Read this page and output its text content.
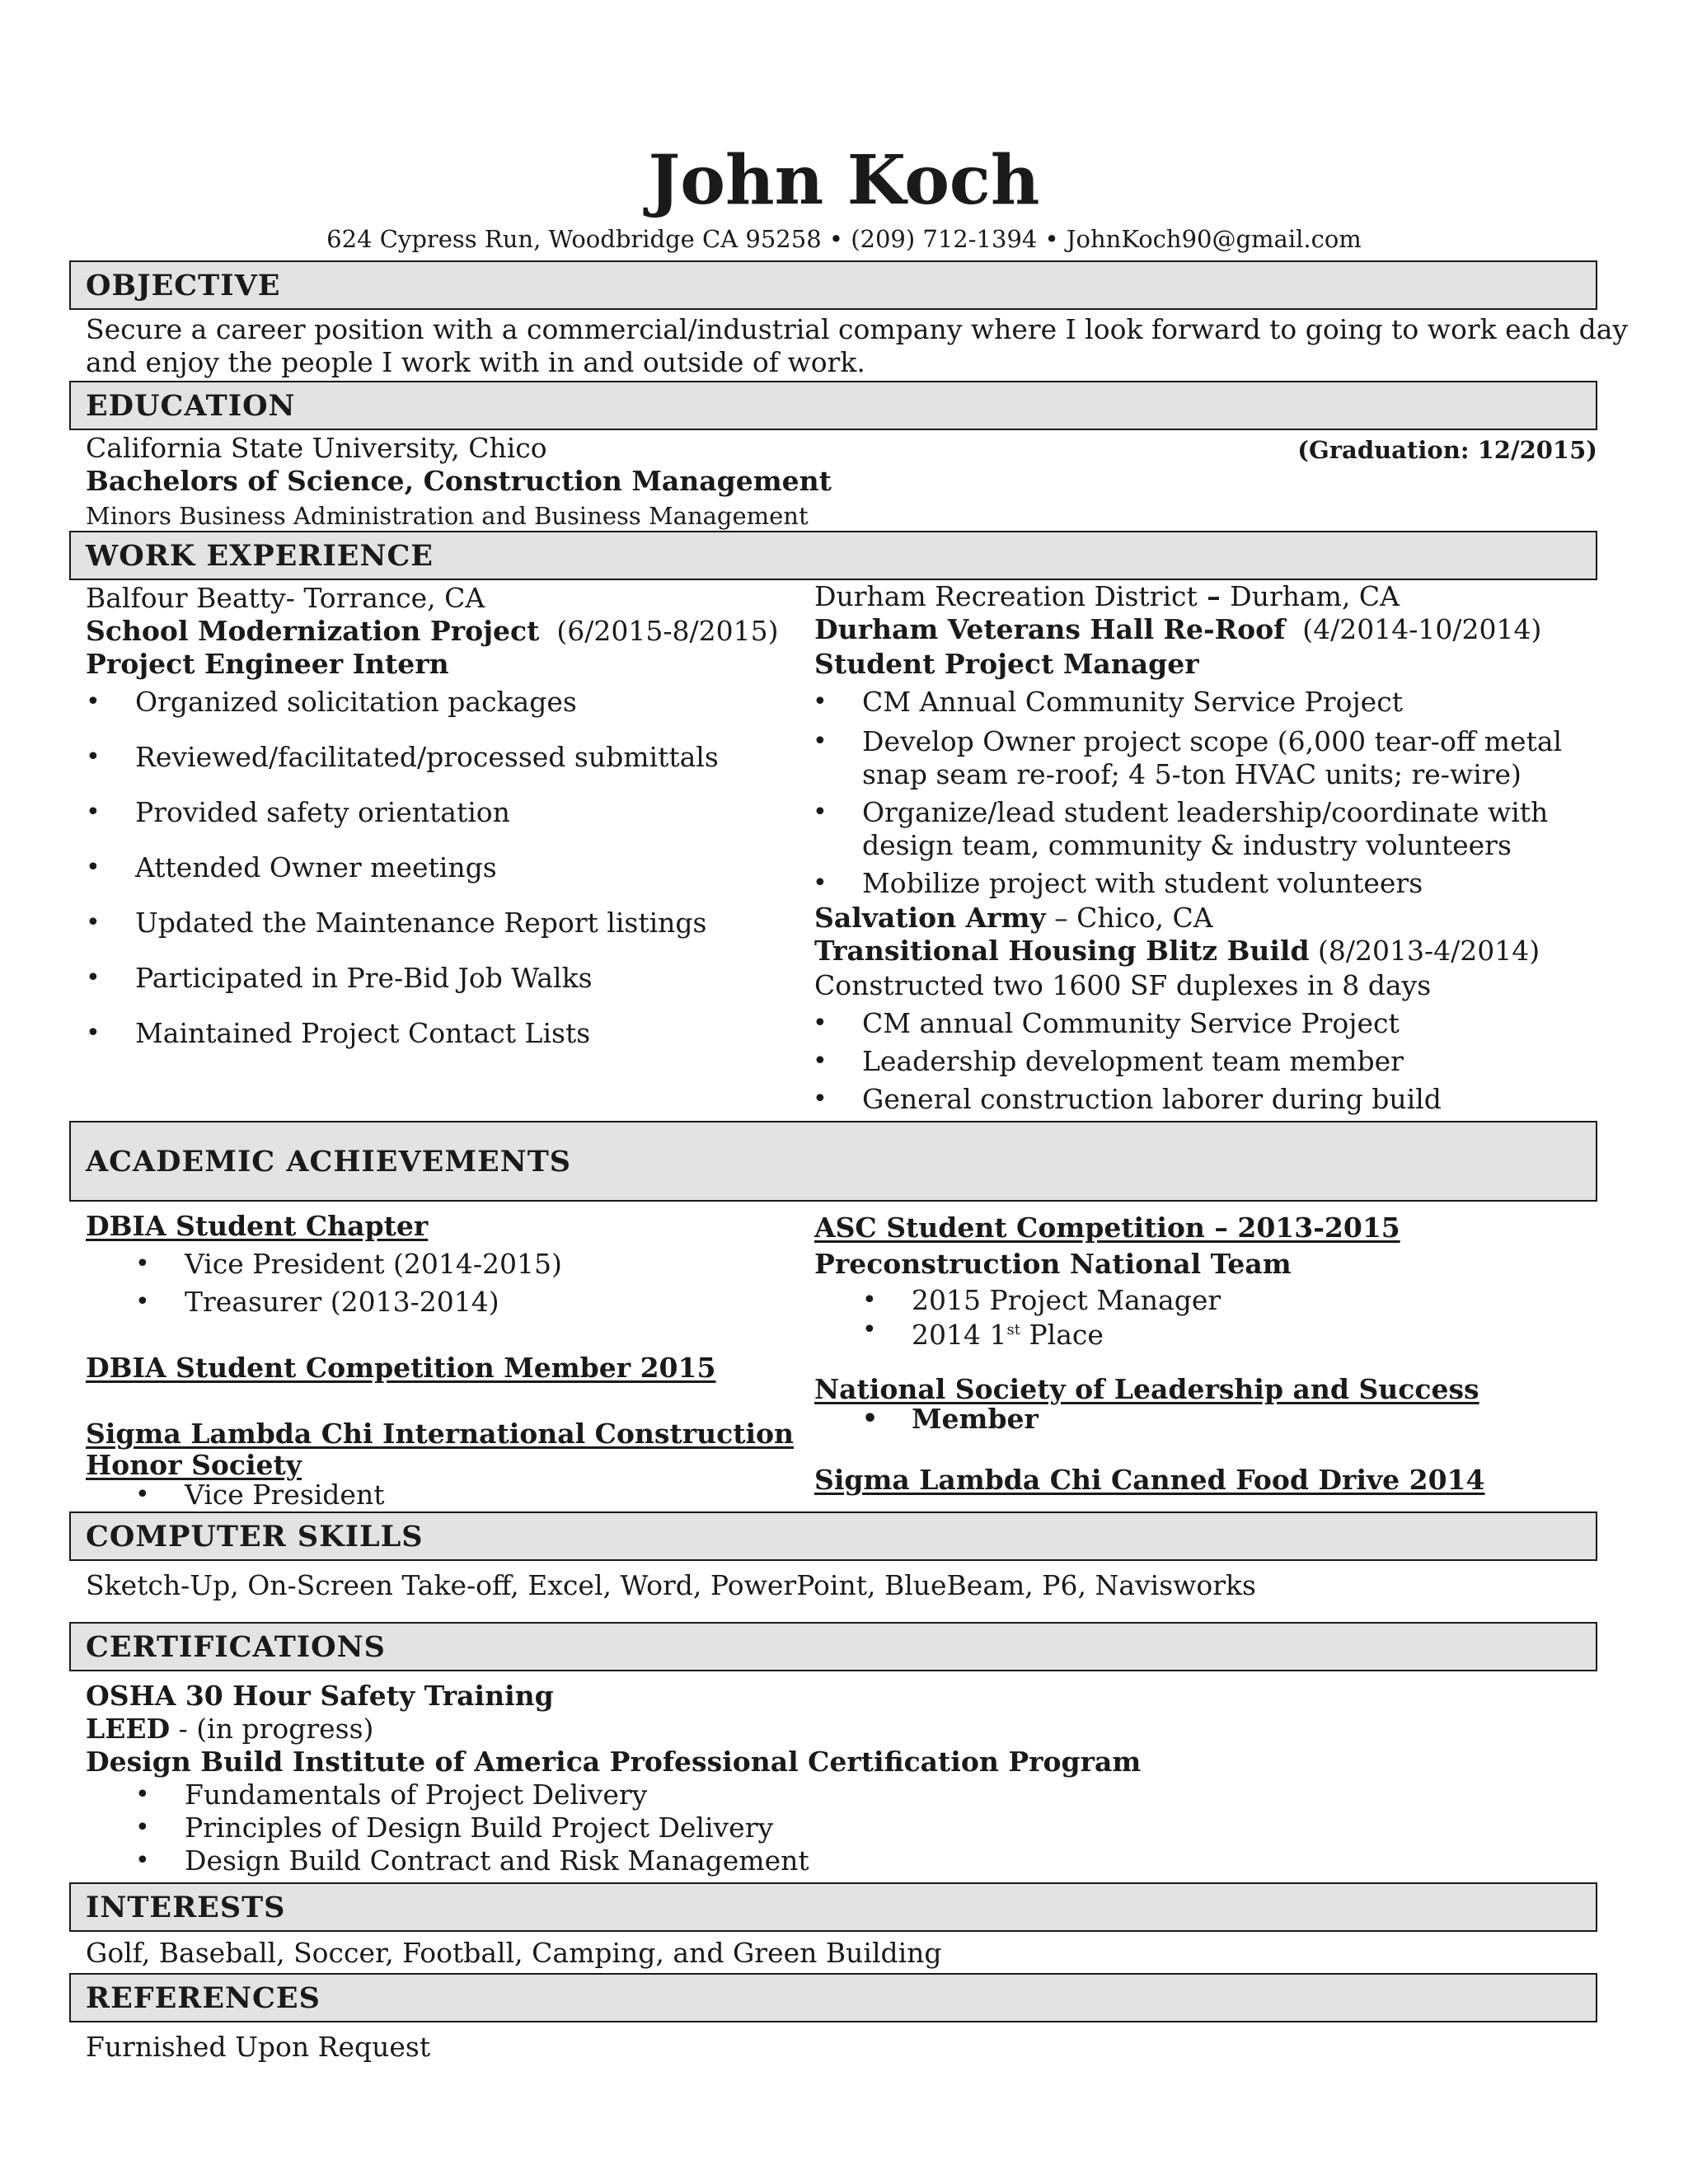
John Koch
624 Cypress Run, Woodbridge CA 95258 • (209) 712-1394 • JohnKoch90@gmail.com
OBJECTIVE
Secure a career position with a commercial/industrial company where I look forward to going to work each day
and enjoy the people I work with in and outside of work.
EDUCATION
California State University, Chico	(Graduation: 12/2015)
Bachelors of Science, Construction Management
Minors Business Administration and Business Management
WORK EXPERIENCE
Balfour Beatty- Torrance, CA
School Modernization Project (6/2015-8/2015)
Project Engineer Intern
• Organized solicitation packages
• Reviewed/facilitated/processed submittals
• Provided safety orientation
• Attended Owner meetings
• Updated the Maintenance Report listings
• Participated in Pre-Bid Job Walks
• Maintained Project Contact Lists
Durham Recreation District – Durham, CA
Durham Veterans Hall Re-Roof (4/2014-10/2014)
Student Project Manager
• CM Annual Community Service Project
• Develop Owner project scope (6,000 tear-off metal
snap seam re-roof; 4 5-ton HVAC units; re-wire)
• Organize/lead student leadership/coordinate with
design team, community & industry volunteers
• Mobilize project with student volunteers
Salvation Army – Chico, CA
Transitional Housing Blitz Build (8/2013-4/2014)
Constructed two 1600 SF duplexes in 8 days
• CM annual Community Service Project
• Leadership development team member
• General construction laborer during build
ACADEMIC ACHIEVEMENTS
DBIA Student Chapter
• Vice President (2014-2015)
• Treasurer (2013-2014)
DBIA Student Competition Member 2015
Sigma Lambda Chi International Construction
Honor Society
• Vice President
ASC Student Competition – 2013-2015
Preconstruction National Team
• 2015 Project Manager
• 2014 1st Place
National Society of Leadership and Success
• Member
Sigma Lambda Chi Canned Food Drive 2014
COMPUTER SKILLS
Sketch-Up, On-Screen Take-off, Excel, Word, PowerPoint, BlueBeam, P6, Navisworks
CERTIFICATIONS
OSHA 30 Hour Safety Training
LEED - (in progress)
Design Build Institute of America Professional Certification Program
• Fundamentals of Project Delivery
• Principles of Design Build Project Delivery
• Design Build Contract and Risk Management
INTERESTS
Golf, Baseball, Soccer, Football, Camping, and Green Building
REFERENCES
Furnished Upon Request
